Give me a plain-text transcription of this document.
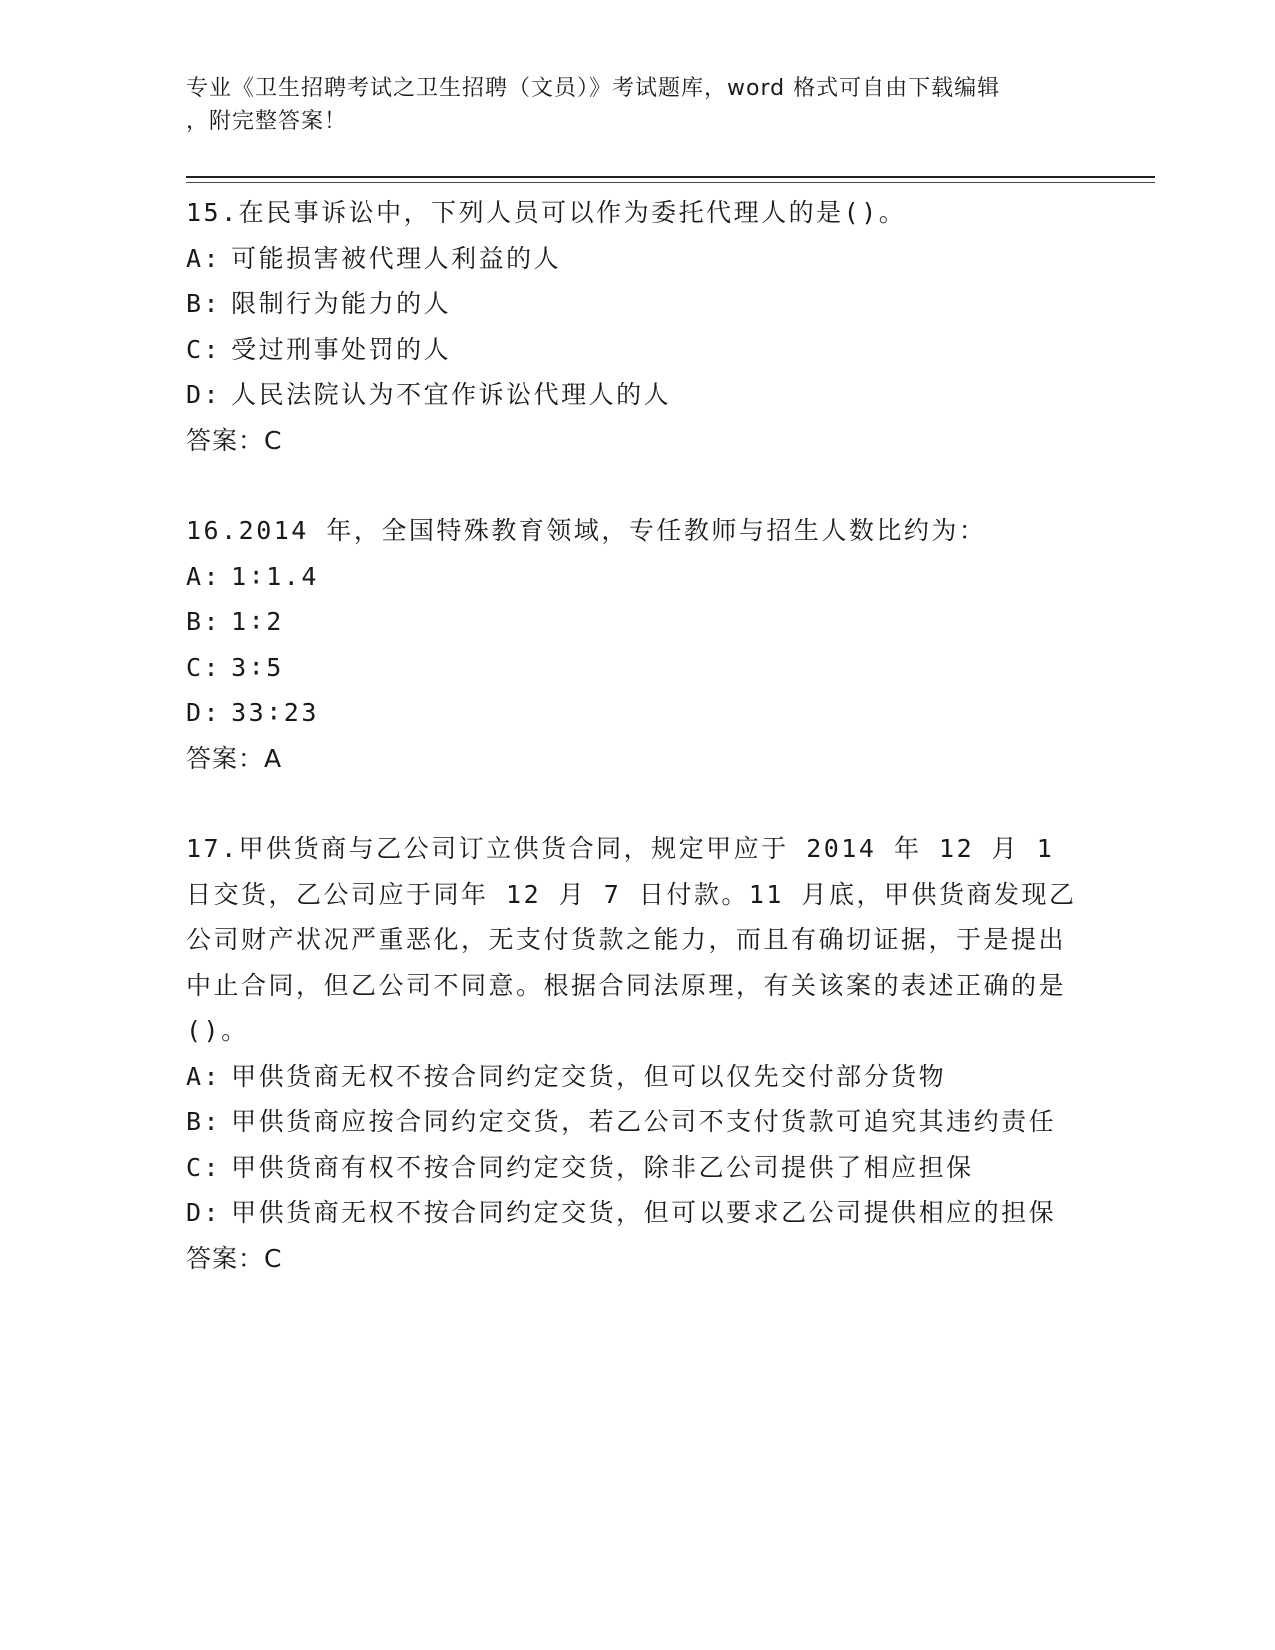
专业《卫生招聘考试之卫生招聘（文员）》考试题库，word 格式可自由下载编辑
，附完整答案！
15.在民事诉讼中，下列人员可以作为委托代理人的是()。
A: 可能损害被代理人利益的人
B: 限制行为能力的人
C: 受过刑事处罚的人
D: 人民法院认为不宜作诉讼代理人的人
答案：C
16.2014 年，全国特殊教育领域，专任教师与招生人数比约为：
A: 1∶1.4
B: 1∶2
C: 3∶5
D: 33∶23
答案：A
17.甲供货商与乙公司订立供货合同，规定甲应于 2014 年 12 月 1 日交货，乙公司应于同年 12 月 7 日付款。11 月底，甲供货商发现乙公司财产状况严重恶化，无支付货款之能力，而且有确切证据，于是提出中止合同，但乙公司不同意。根据合同法原理，有关该案的表述正确的是()。
A: 甲供货商无权不按合同约定交货，但可以仅先交付部分货物
B: 甲供货商应按合同约定交货，若乙公司不支付货款可追究其违约责任
C: 甲供货商有权不按合同约定交货，除非乙公司提供了相应担保
D: 甲供货商无权不按合同约定交货，但可以要求乙公司提供相应的担保
答案：C
